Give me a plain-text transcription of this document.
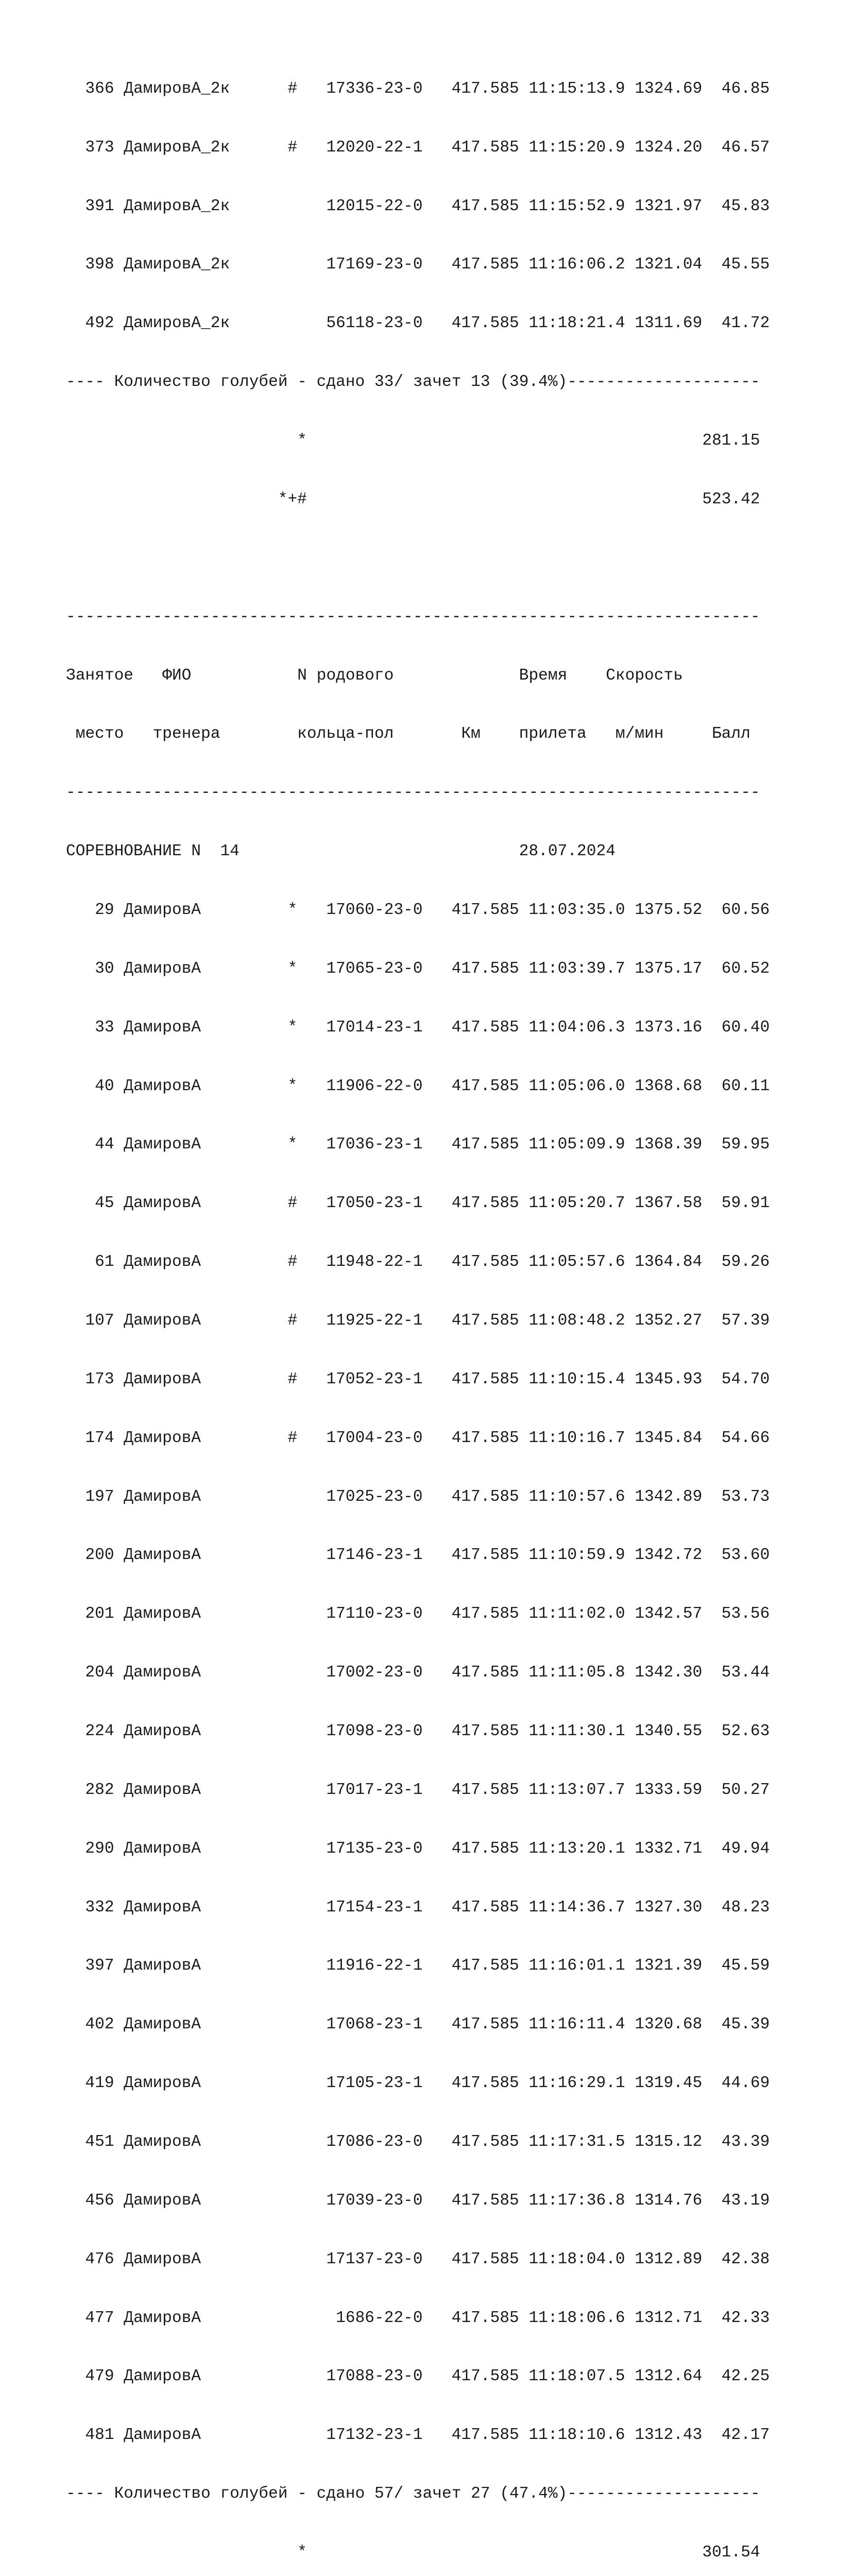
366 ДамировА_2к      #   17336-23-0   417.585 11:15:13.9 1324.69  46.85

373 ДамировА_2к      #   12020-22-1   417.585 11:15:20.9 1324.20  46.57

391 ДамировА_2к          12015-22-0   417.585 11:15:52.9 1321.97  45.83

398 ДамировА_2к          17169-23-0   417.585 11:16:06.2 1321.04  45.55

492 ДамировА_2к          56118-23-0   417.585 11:18:21.4 1311.69  41.72

---- Количество голубей - сдано 33/ зачет 13 (39.4%)--------------------

*                                         281.15

*+#                                         523.42

------------------------------------------------------------------------

Занятое   ФИО           N родового             Время    Скорость

место   тренера        кольца-пол       Км    прилета   м/мин     Балл

------------------------------------------------------------------------

СОРЕВНОВАНИЕ N  14                             28.07.2024

29 ДамировА         *   17060-23-0   417.585 11:03:35.0 1375.52  60.56

30 ДамировА         *   17065-23-0   417.585 11:03:39.7 1375.17  60.52

33 ДамировА         *   17014-23-1   417.585 11:04:06.3 1373.16  60.40

40 ДамировА         *   11906-22-0   417.585 11:05:06.0 1368.68  60.11

44 ДамировА         *   17036-23-1   417.585 11:05:09.9 1368.39  59.95

45 ДамировА         #   17050-23-1   417.585 11:05:20.7 1367.58  59.91

61 ДамировА         #   11948-22-1   417.585 11:05:57.6 1364.84  59.26

107 ДамировА         #   11925-22-1   417.585 11:08:48.2 1352.27  57.39

173 ДамировА         #   17052-23-1   417.585 11:10:15.4 1345.93  54.70

174 ДамировА         #   17004-23-0   417.585 11:10:16.7 1345.84  54.66

197 ДамировА             17025-23-0   417.585 11:10:57.6 1342.89  53.73

200 ДамировА             17146-23-1   417.585 11:10:59.9 1342.72  53.60

201 ДамировА             17110-23-0   417.585 11:11:02.0 1342.57  53.56

204 ДамировА             17002-23-0   417.585 11:11:05.8 1342.30  53.44

224 ДамировА             17098-23-0   417.585 11:11:30.1 1340.55  52.63

282 ДамировА             17017-23-1   417.585 11:13:07.7 1333.59  50.27

290 ДамировА             17135-23-0   417.585 11:13:20.1 1332.71  49.94

332 ДамировА             17154-23-1   417.585 11:14:36.7 1327.30  48.23

397 ДамировА             11916-22-1   417.585 11:16:01.1 1321.39  45.59

402 ДамировА             17068-23-1   417.585 11:16:11.4 1320.68  45.39

419 ДамировА             17105-23-1   417.585 11:16:29.1 1319.45  44.69

451 ДамировА             17086-23-0   417.585 11:17:31.5 1315.12  43.39

456 ДамировА             17039-23-0   417.585 11:17:36.8 1314.76  43.19

476 ДамировА             17137-23-0   417.585 11:18:04.0 1312.89  42.38

477 ДамировА              1686-22-0   417.585 11:18:06.6 1312.71  42.33

479 ДамировА             17088-23-0   417.585 11:18:07.5 1312.64  42.25

481 ДамировА             17132-23-1   417.585 11:18:10.6 1312.43  42.17

---- Количество голубей - сдано 57/ зачет 27 (47.4%)--------------------

*                                         301.54
